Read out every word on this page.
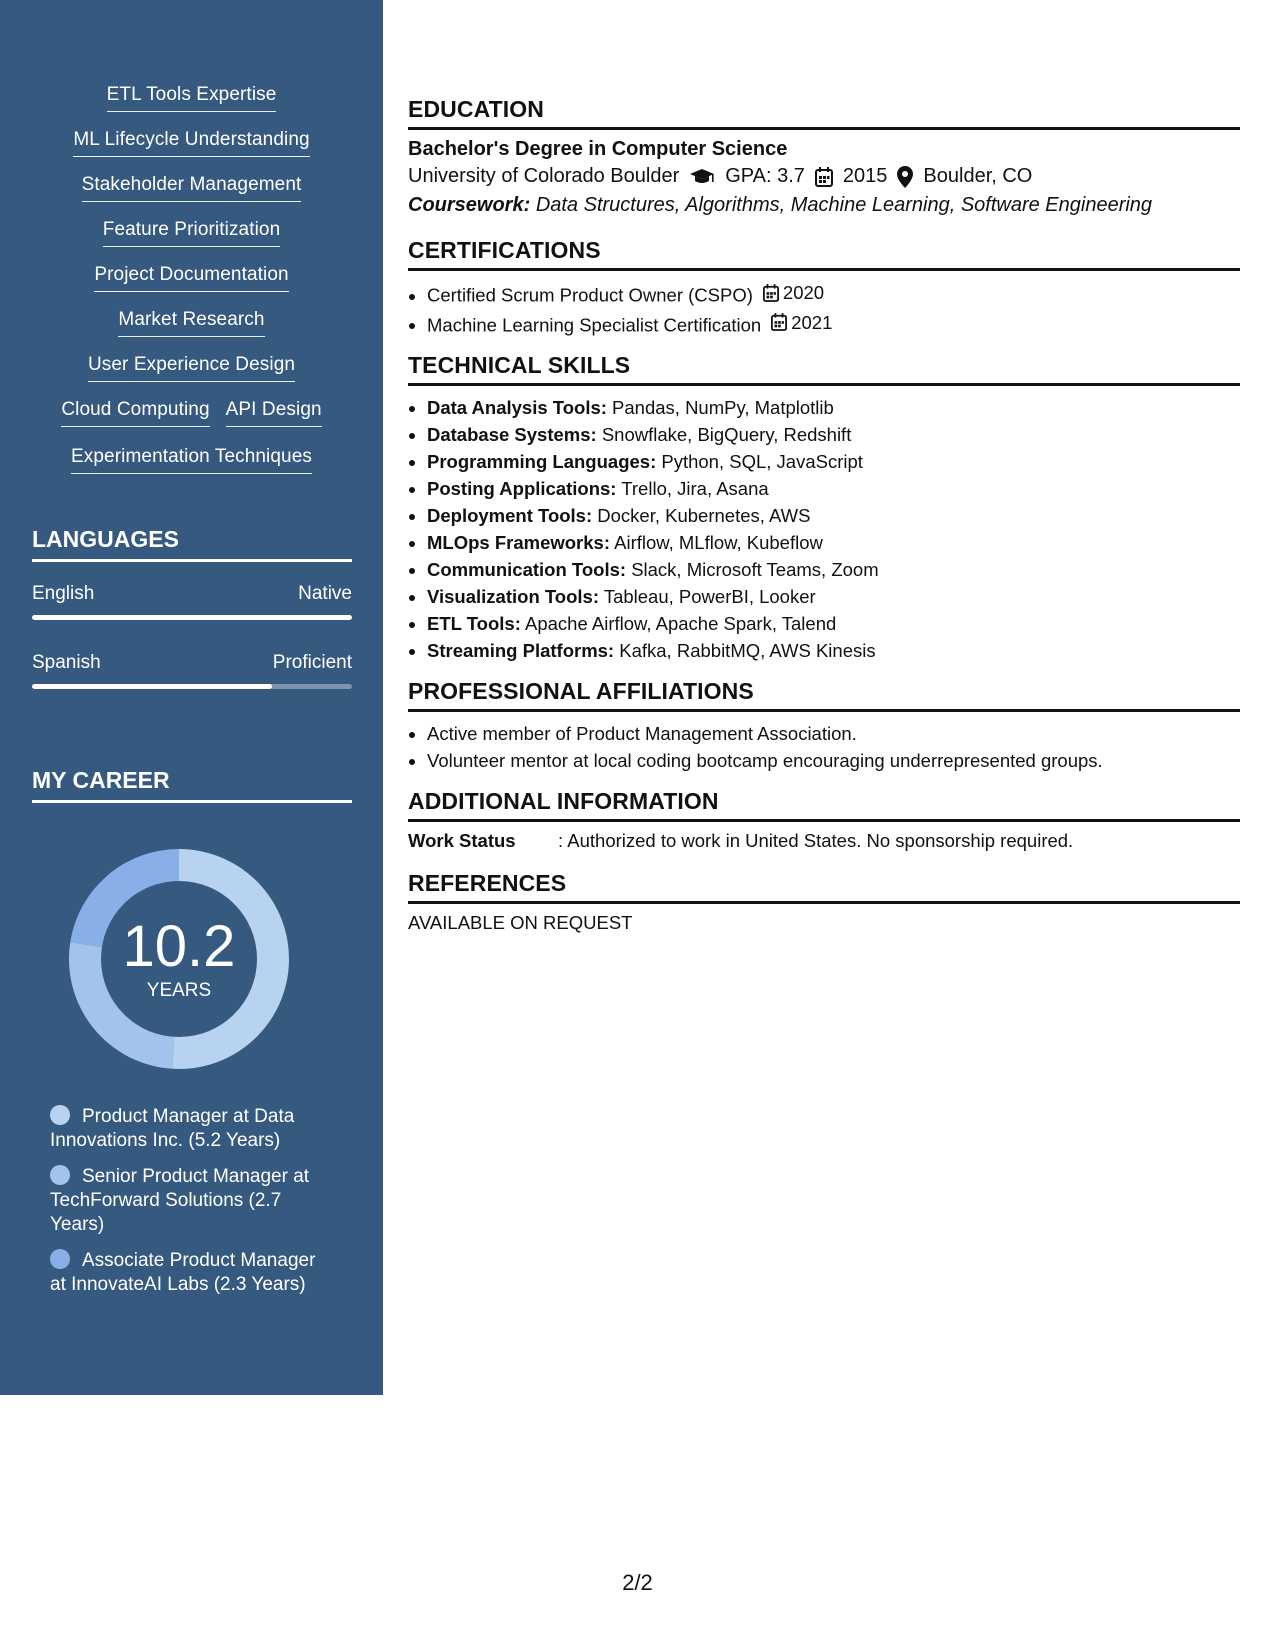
ETL Tools Expertise
ML Lifecycle Understanding
Stakeholder Management
Feature Prioritization
Project Documentation
Market Research
User Experience Design
Cloud Computing API Design
Experimentation Techniques
LANGUAGES
English	Native
Spanish	Proficient
MY CAREER
10.2
YEARS
Product Manager at Data Innovations Inc. (5.2 Years)
Senior Product Manager at TechForward Solutions (2.7 Years)
Associate Product Manager at InnovateAI Labs (2.3 Years)
EDUCATION
Bachelor's Degree in Computer Science
University of Colorado Boulder GPA: 3.7 2015 Boulder, CO
Coursework: Data Structures, Algorithms, Machine Learning, Software Engineering
CERTIFICATIONS
• Certified Scrum Product Owner (CSPO) 2020
• Machine Learning Specialist Certification 2021
TECHNICAL SKILLS
• Data Analysis Tools: Pandas, NumPy, Matplotlib
• Database Systems: Snowflake, BigQuery, Redshift
• Programming Languages: Python, SQL, JavaScript
• Posting Applications: Trello, Jira, Asana
• Deployment Tools: Docker, Kubernetes, AWS
• MLOps Frameworks: Airflow, MLflow, Kubeflow
• Communication Tools: Slack, Microsoft Teams, Zoom
• Visualization Tools: Tableau, PowerBI, Looker
• ETL Tools: Apache Airflow, Apache Spark, Talend
• Streaming Platforms: Kafka, RabbitMQ, AWS Kinesis
PROFESSIONAL AFFILIATIONS
• Active member of Product Management Association.
• Volunteer mentor at local coding bootcamp encouraging underrepresented groups.
ADDITIONAL INFORMATION
Work Status	: Authorized to work in United States. No sponsorship required.
REFERENCES
AVAILABLE ON REQUEST
2/2
